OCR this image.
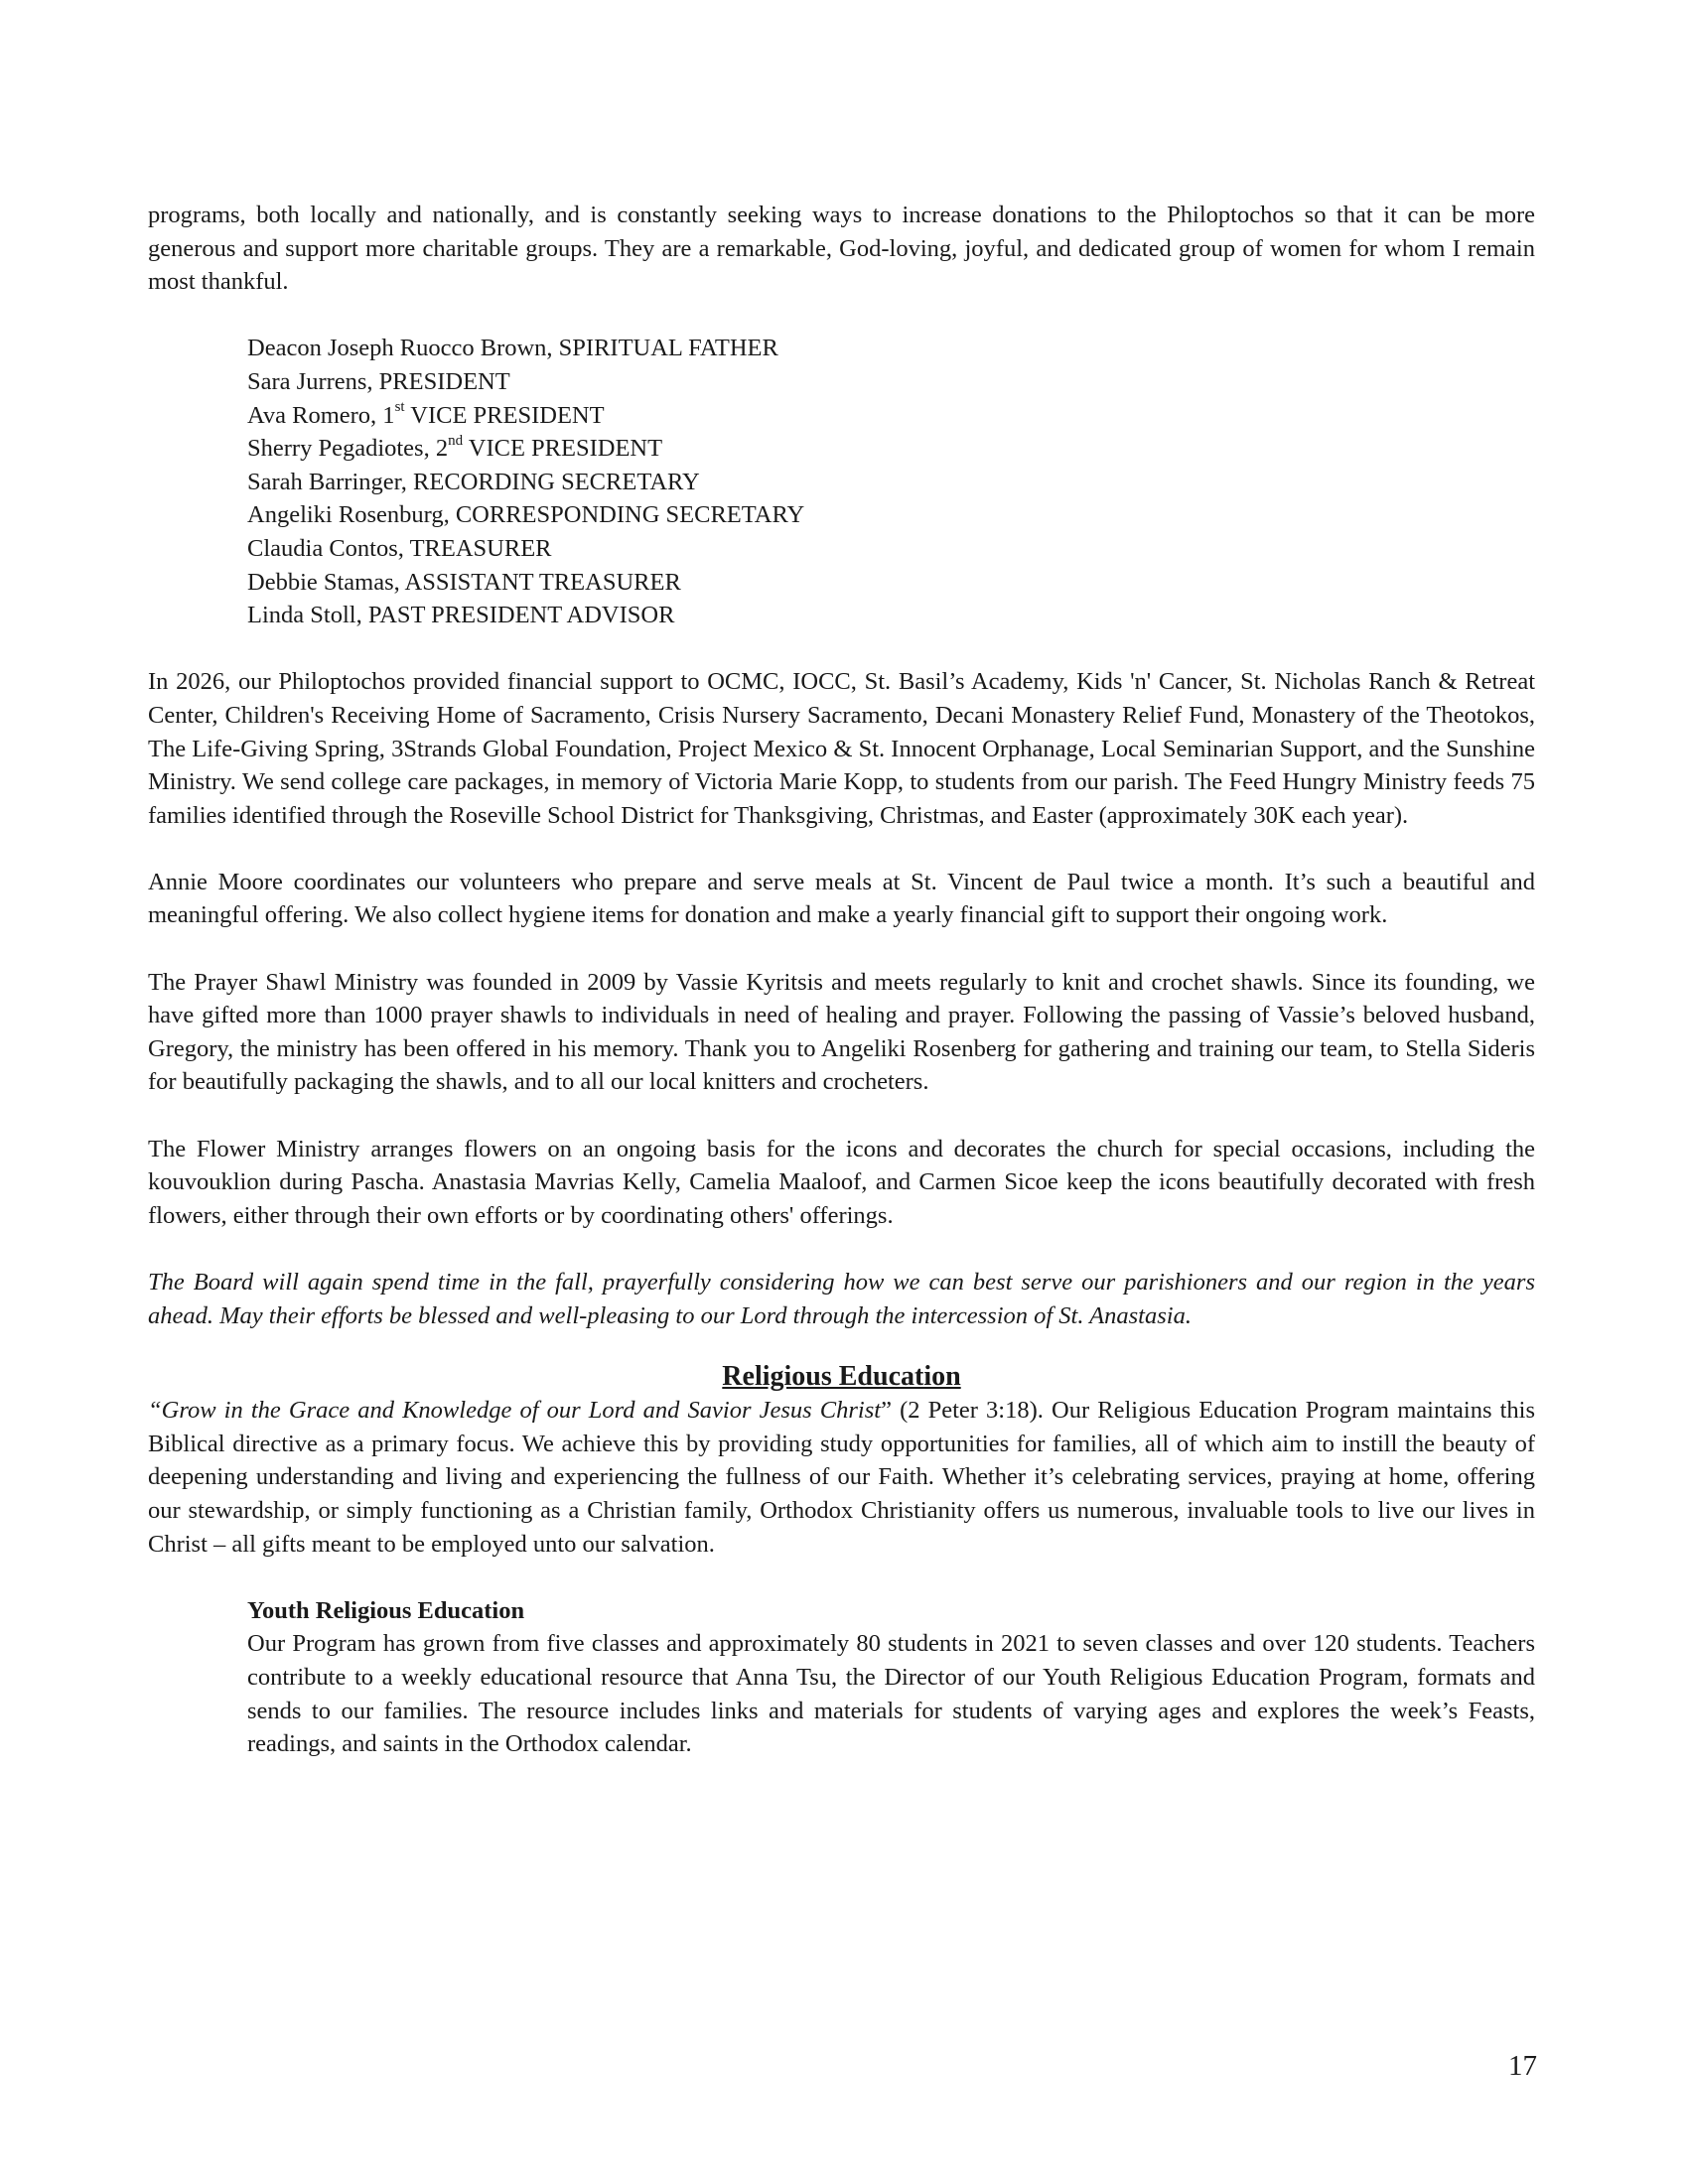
programs, both locally and nationally, and is constantly seeking ways to increase donations to the Philoptochos so that it can be more generous and support more charitable groups. They are a remarkable, God-loving, joyful, and dedicated group of women for whom I remain most thankful.

Deacon Joseph Ruocco Brown, SPIRITUAL FATHER
Sara Jurrens, PRESIDENT
Ava Romero, 1st VICE PRESIDENT
Sherry Pegadiotes, 2nd VICE PRESIDENT
Sarah Barringer, RECORDING SECRETARY
Angeliki Rosenburg, CORRESPONDING SECRETARY
Claudia Contos, TREASURER
Debbie Stamas, ASSISTANT TREASURER
Linda Stoll, PAST PRESIDENT ADVISOR

In 2026, our Philoptochos provided financial support to OCMC, IOCC, St. Basil’s Academy, Kids 'n' Cancer, St. Nicholas Ranch & Retreat Center, Children's Receiving Home of Sacramento, Crisis Nursery Sacramento, Decani Monastery Relief Fund, Monastery of the Theotokos, The Life-Giving Spring, 3Strands Global Foundation, Project Mexico & St. Innocent Orphanage, Local Seminarian Support, and the Sunshine Ministry. We send college care packages, in memory of Victoria Marie Kopp, to students from our parish. The Feed Hungry Ministry feeds 75 families identified through the Roseville School District for Thanksgiving, Christmas, and Easter (approximately 30K each year).

Annie Moore coordinates our volunteers who prepare and serve meals at St. Vincent de Paul twice a month. It’s such a beautiful and meaningful offering. We also collect hygiene items for donation and make a yearly financial gift to support their ongoing work.

The Prayer Shawl Ministry was founded in 2009 by Vassie Kyritsis and meets regularly to knit and crochet shawls. Since its founding, we have gifted more than 1000 prayer shawls to individuals in need of healing and prayer. Following the passing of Vassie’s beloved husband, Gregory, the ministry has been offered in his memory. Thank you to Angeliki Rosenberg for gathering and training our team, to Stella Sideris for beautifully packaging the shawls, and to all our local knitters and crocheters.

The Flower Ministry arranges flowers on an ongoing basis for the icons and decorates the church for special occasions, including the kouvouklion during Pascha. Anastasia Mavrias Kelly, Camelia Maaloof, and Carmen Sicoe keep the icons beautifully decorated with fresh flowers, either through their own efforts or by coordinating others' offerings.

The Board will again spend time in the fall, prayerfully considering how we can best serve our parishioners and our region in the years ahead. May their efforts be blessed and well-pleasing to our Lord through the intercession of St. Anastasia.

Religious Education

“Grow in the Grace and Knowledge of our Lord and Savior Jesus Christ” (2 Peter 3:18). Our Religious Education Program maintains this Biblical directive as a primary focus. We achieve this by providing study opportunities for families, all of which aim to instill the beauty of deepening understanding and living and experiencing the fullness of our Faith. Whether it’s celebrating services, praying at home, offering our stewardship, or simply functioning as a Christian family, Orthodox Christianity offers us numerous, invaluable tools to live our lives in Christ – all gifts meant to be employed unto our salvation.

Youth Religious Education

Our Program has grown from five classes and approximately 80 students in 2021 to seven classes and over 120 students. Teachers contribute to a weekly educational resource that Anna Tsu, the Director of our Youth Religious Education Program, formats and sends to our families. The resource includes links and materials for students of varying ages and explores the week’s Feasts, readings, and saints in the Orthodox calendar.

17
